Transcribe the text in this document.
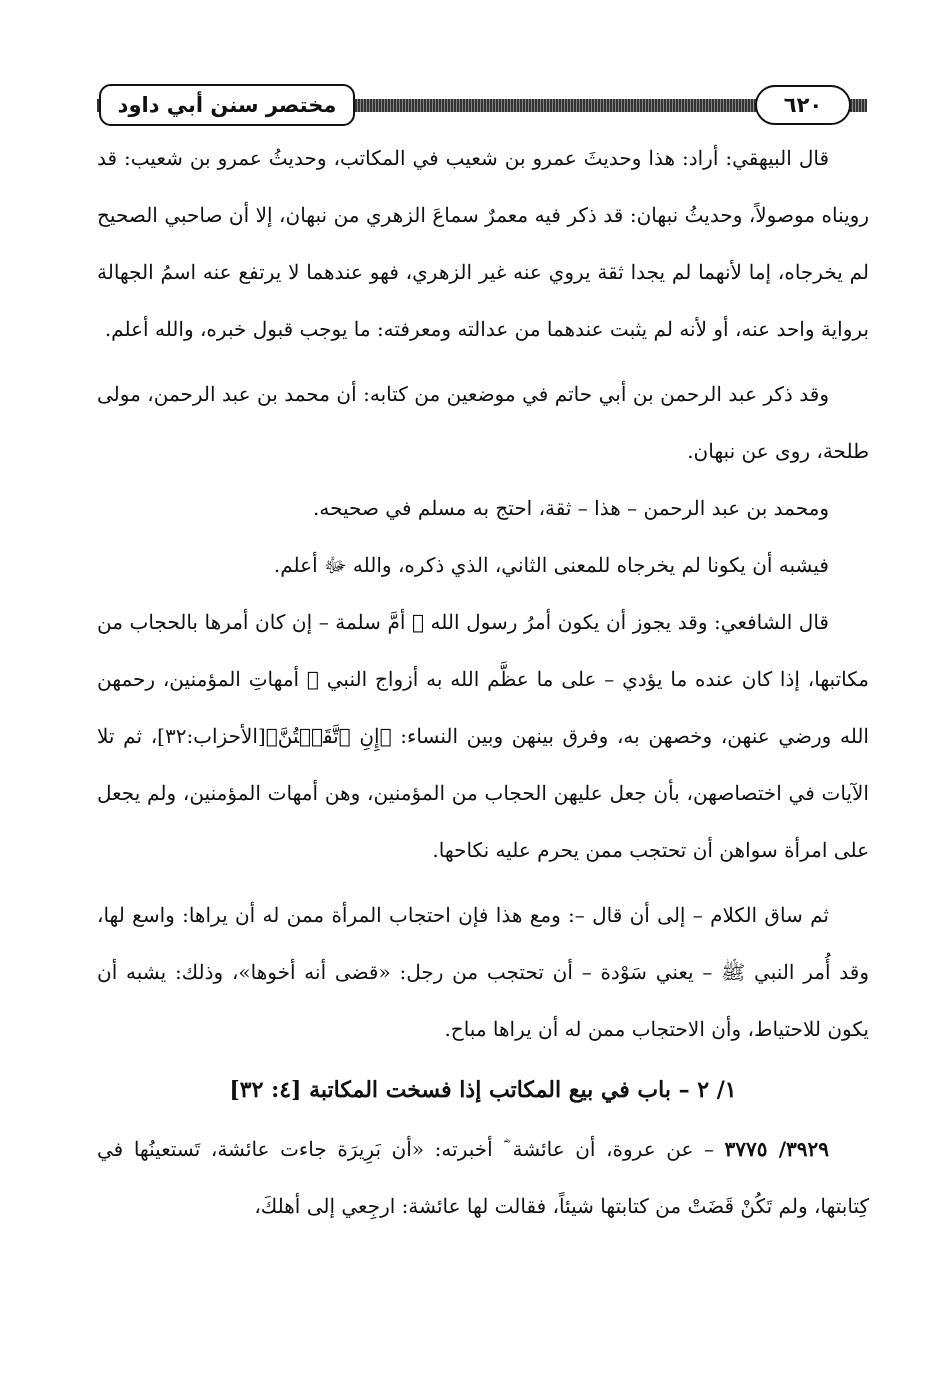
مختصر سنن أبي داود	٦٢٠

قال البيهقي: أراد: هذا وحديثَ عمرو بن شعيب في المكاتب، وحديثُ عمرو بن شعيب: قد رويناه موصولاً، وحديثُ نبهان: قد ذكر فيه معمرٌ سماعَ الزهري من نبهان، إلا أن صاحبي الصحيح لم يخرجاه، إما لأنهما لم يجدا ثقة يروي عنه غير الزهري، فهو عندهما لا يرتفع عنه اسمُ الجهالة برواية واحد عنه، أو لأنه لم يثبت عندهما من عدالته ومعرفته: ما يوجب قبول خبره، والله أعلم.

وقد ذكر عبد الرحمن بن أبي حاتم في موضعين من كتابه: أن محمد بن عبد الرحمن، مولى طلحة، روى عن نبهان.

ومحمد بن عبد الرحمن – هذا – ثقة، احتج به مسلم في صحيحه.

فيشبه أن يكونا لم يخرجاه للمعنى الثاني، الذي ذكره، والله ﷻ أعلم.

قال الشافعي: وقد يجوز أن يكون أمرُ رسول الله ﷺ أمَّ سلمة – إن كان أمرها بالحجاب من مكاتبها، إذا كان عنده ما يؤدي – على ما عظَّم الله به أزواج النبي ﷺ أمهاتِ المؤمنين، رحمهن الله ورضي عنهن، وخصهن به، وفرق بينهن وبين النساء: ﴿إِنِ ٱتَّقَيۡتُنَّ﴾[الأحزاب:٣٢]، ثم تلا الآيات في اختصاصهن، بأن جعل عليهن الحجاب من المؤمنين، وهن أمهات المؤمنين، ولم يجعل على امرأة سواهن أن تحتجب ممن يحرم عليه نكاحها.

ثم ساق الكلام – إلى أن قال –: ومع هذا فإن احتجاب المرأة ممن له أن يراها: واسع لها، وقد أُمر النبي ﷺ – يعني سَوْدة – أن تحتجب من رجل: «قضى أنه أخوها»، وذلك: يشبه أن يكون للاحتياط، وأن الاحتجاب ممن له أن يراها مباح.

١/ ٢ – باب في بيع المكاتب إذا فسخت المكاتبة [٤: ٣٢]

٣٩٢٩/ ٣٧٧٥ – عن عروة، أن عائشة ؓ أخبرته: «أن بَرِيرَة جاءت عائشة، تَستعينُها في كِتابتها، ولم تَكُنْ قَضَتْ من كتابتها شيئاً، فقالت لها عائشة: ارجِعي إلى أهلكَ،
